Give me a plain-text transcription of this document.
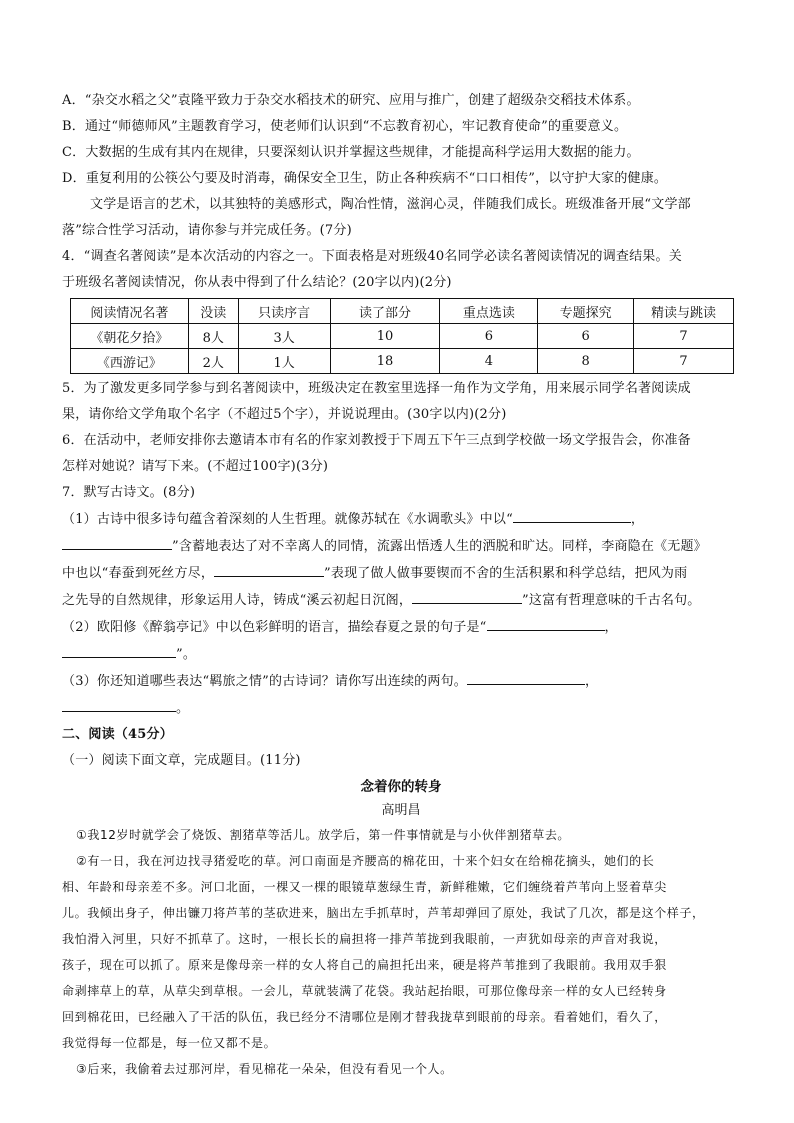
A．“杂交水稻之父”袁隆平致力于杂交水稻技术的研究、应用与推广，创建了超级杂交稻技术体系。
B．通过“师德师风”主题教育学习，使老师们认识到“不忘教育初心，牢记教育使命”的重要意义。
C．大数据的生成有其内在规律，只要深刻认识并掌握这些规律，才能提高科学运用大数据的能力。
D．重复利用的公筷公勺要及时消毒，确保安全卫生，防止各种疾病不“口口相传”，以守护大家的健康。
文学是语言的艺术，以其独特的美感形式，陶冶性情，滋润心灵，伴随我们成长。班级准备开展“文学部
落”综合性学习活动，请你参与并完成任务。(7分)
4．“调查名著阅读”是本次活动的内容之一。下面表格是对班级40名同学必读名著阅读情况的调查结果。关
于班级名著阅读情况，你从表中得到了什么结论？(20字以内)(2分)
阅读情况名著	没读	只读序言	读了部分	重点选读	专题探究	精读与跳读
《朝花夕拾》	8人	3人	10	6	6	7
《西游记》	2人	1人	18	4	8	7
5．为了激发更多同学参与到名著阅读中，班级决定在教室里选择一角作为文学角，用来展示同学名著阅读成
果，请你给文学角取个名字（不超过5个字），并说说理由。(30字以内)(2分)
6．在活动中，老师安排你去邀请本市有名的作家刘教授于下周五下午三点到学校做一场文学报告会，你准备
怎样对她说？请写下来。(不超过100字)(3分)
7．默写古诗文。(8分)
（1）古诗中很多诗句蕴含着深刻的人生哲理。就像苏轼在《水调歌头》中以“	，
”含蓄地表达了对不幸离人的同情，流露出悟透人生的洒脱和旷达。同样，李商隐在《无题》
中也以“春蚕到死丝方尽，	”表现了做人做事要锲而不舍的生活积累和科学总结，把风为雨
之先导的自然规律，形象运用人诗，铸成“溪云初起日沉阁，	”这富有哲理意味的千古名句。
（2）欧阳修《醉翁亭记》中以色彩鲜明的语言，描绘春夏之景的句子是“	，
”。
（3）你还知道哪些表达“羁旅之情”的古诗词？请你写出连续的两句。	，
。
二、阅读（45分）
（一）阅读下面文章，完成题目。(11分)
念着你的转身
高明昌

①我12岁时就学会了烧饭、割猪草等活儿。放学后，第一件事情就是与小伙伴割猪草去。

②有一日，我在河边找寻猪爱吃的草。河口南面是齐腰高的棉花田，十来个妇女在给棉花摘头，她们的长
相、年龄和母亲差不多。河口北面，一棵又一棵的眼镜草葱绿生青，新鲜稚嫩，它们缠绕着芦苇向上竖着草尖
儿。我倾出身子，伸出镰刀将芦苇的茎砍进来，脑出左手抓草时，芦苇却弹回了原处，我试了几次，都是这个样子，
我怕滑入河里，只好不抓草了。这时，一根长长的扁担将一排芦苇拢到我眼前，一声犹如母亲的声音对我说，
孩子，现在可以抓了。原来是像母亲一样的女人将自己的扁担托出来，硬是将芦苇推到了我眼前。我用双手狠
命剥摔草上的草，从草尖到草根。一会儿，草就装满了花袋。我站起抬眼，可那位像母亲一样的女人已经转身
回到棉花田，已经融入了干活的队伍，我已经分不清哪位是刚才替我拢草到眼前的母亲。看着她们，看久了，
我觉得每一位都是，每一位又都不是。

③后来，我偷着去过那河岸，看见棉花一朵朵，但没有看见一个人。
